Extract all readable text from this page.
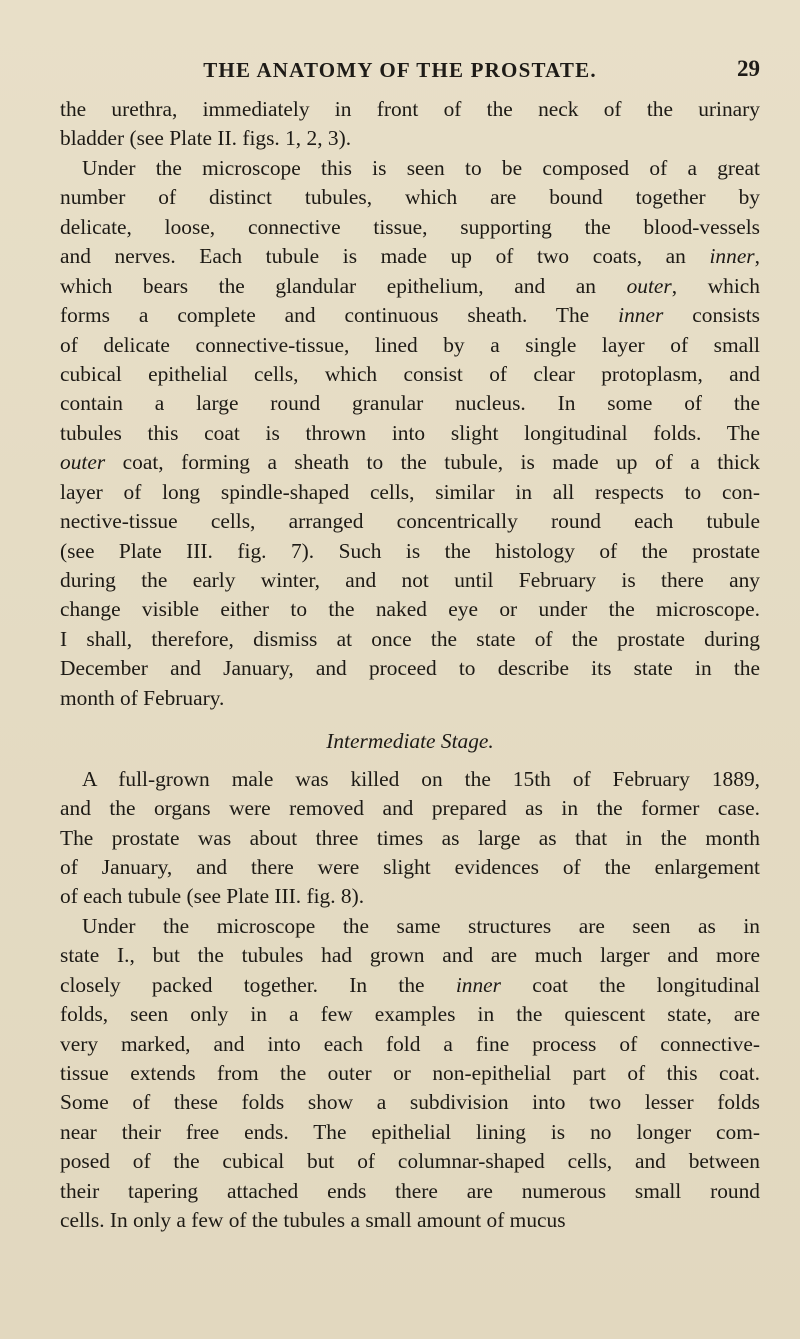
THE ANATOMY OF THE PROSTATE.	29
the urethra, immediately in front of the neck of the urinary
bladder (see Plate II. figs. 1, 2, 3).
Under the microscope this is seen to be composed of a great
number of distinct tubules, which are bound together by
delicate, loose, connective tissue, supporting the blood-vessels
and nerves. Each tubule is made up of two coats, an inner,
which bears the glandular epithelium, and an outer, which
forms a complete and continuous sheath. The inner consists
of delicate connective-tissue, lined by a single layer of small
cubical epithelial cells, which consist of clear protoplasm, and
contain a large round granular nucleus. In some of the
tubules this coat is thrown into slight longitudinal folds. The
outer coat, forming a sheath to the tubule, is made up of a thick
layer of long spindle-shaped cells, similar in all respects to con-
nective-tissue cells, arranged concentrically round each tubule
(see Plate III. fig. 7). Such is the histology of the prostate
during the early winter, and not until February is there any
change visible either to the naked eye or under the microscope.
I shall, therefore, dismiss at once the state of the prostate during
December and January, and proceed to describe its state in the
month of February.
Intermediate Stage.
A full-grown male was killed on the 15th of February 1889,
and the organs were removed and prepared as in the former case.
The prostate was about three times as large as that in the month
of January, and there were slight evidences of the enlargement
of each tubule (see Plate III. fig. 8).
Under the microscope the same structures are seen as in
state I., but the tubules had grown and are much larger and more
closely packed together. In the inner coat the longitudinal
folds, seen only in a few examples in the quiescent state, are
very marked, and into each fold a fine process of connective-
tissue extends from the outer or non-epithelial part of this coat.
Some of these folds show a subdivision into two lesser folds
near their free ends. The epithelial lining is no longer com-
posed of the cubical but of columnar-shaped cells, and between
their tapering attached ends there are numerous small round
cells. In only a few of the tubules a small amount of mucus
